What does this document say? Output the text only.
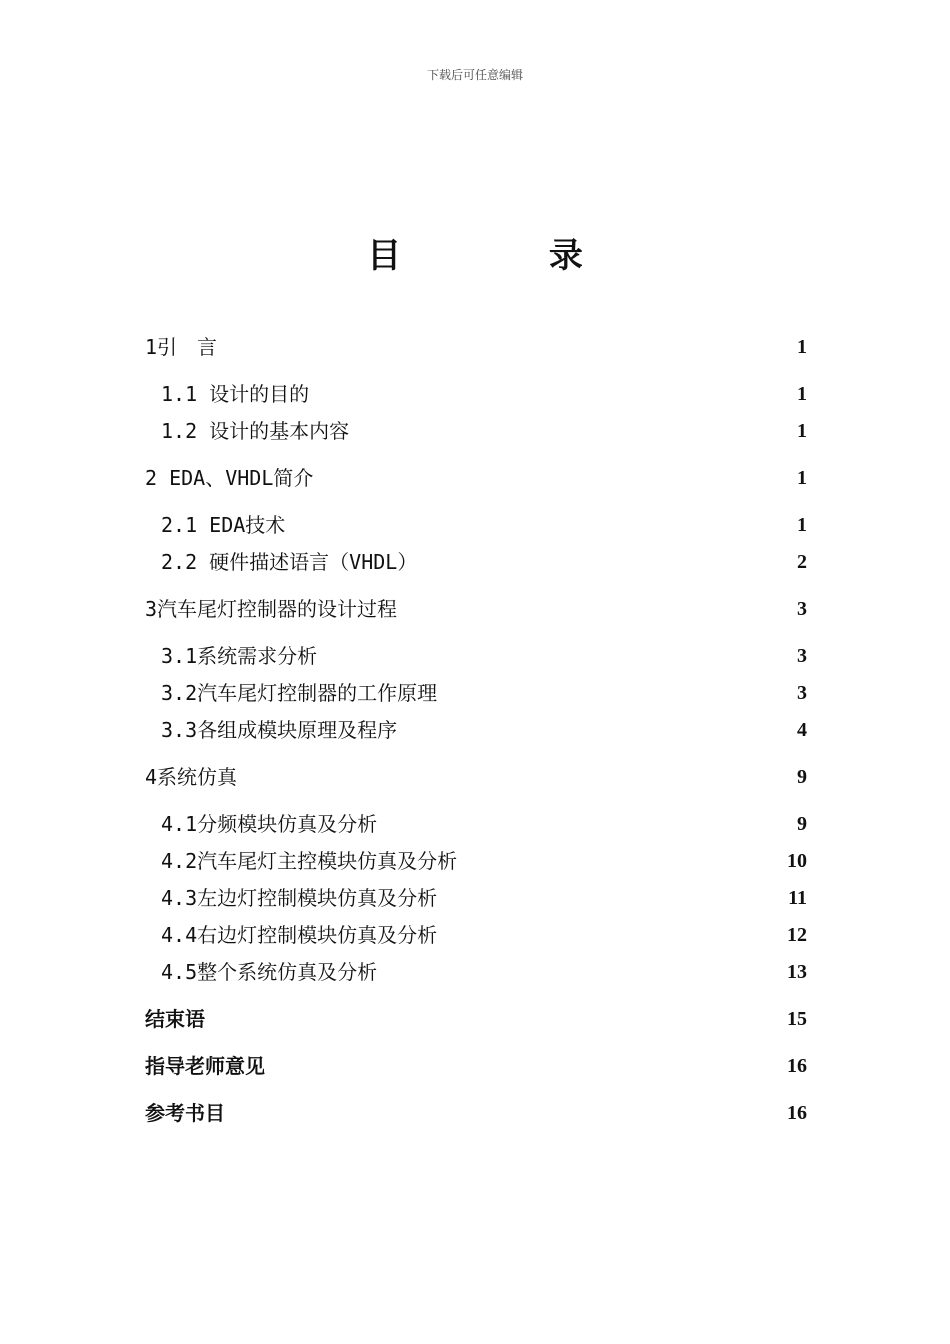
下载后可任意编辑
目 录
1引　言	1
1.1 设计的目的	1
1.2 设计的基本内容	1
2 EDA、VHDL简介	1
2.1 EDA技术	1
2.2 硬件描述语言（VHDL）	2
3汽车尾灯控制器的设计过程	3
3.1系统需求分析	3
3.2汽车尾灯控制器的工作原理	3
3.3各组成模块原理及程序	4
4系统仿真	9
4.1分频模块仿真及分析	9
4.2汽车尾灯主控模块仿真及分析	10
4.3左边灯控制模块仿真及分析	11
4.4右边灯控制模块仿真及分析	12
4.5整个系统仿真及分析	13
结束语	15
指导老师意见	16
参考书目	16
